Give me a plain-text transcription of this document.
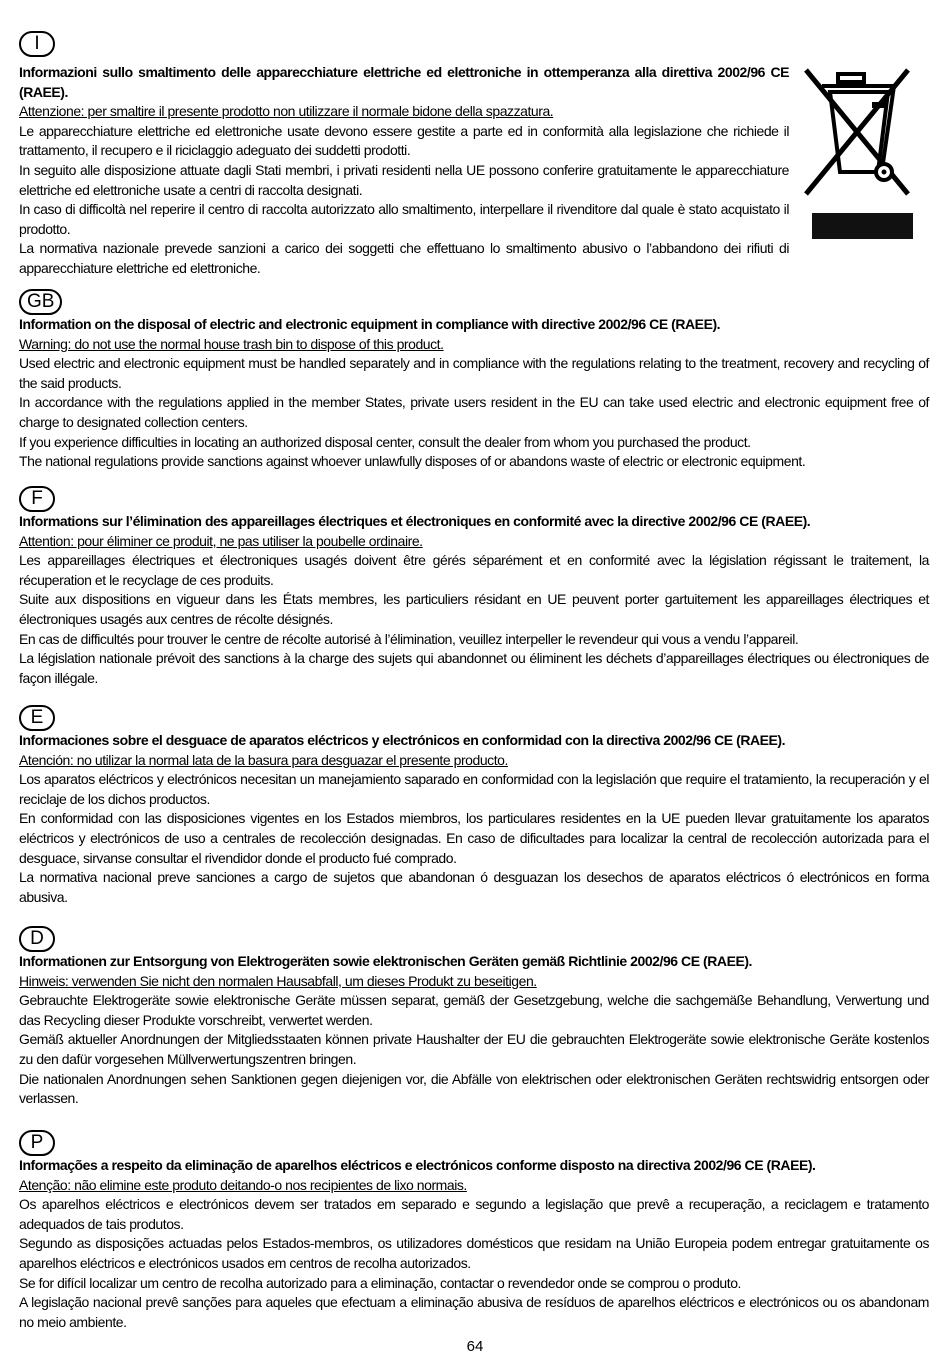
I

Informazioni sullo smaltimento delle apparecchiature elettriche ed elettroniche in ottemperanza alla direttiva 2002/96 CE (RAEE).

Attenzione: per smaltire il presente prodotto non utilizzare il normale bidone della spazzatura.

Le apparecchiature elettriche ed elettroniche usate devono essere gestite a parte ed in conformità alla legislazione che richiede il trattamento, il recupero e il riciclaggio adeguato dei suddetti prodotti.

In seguito alle disposizione attuate dagli Stati membri, i privati residenti nella UE possono conferire gratuitamente le apparecchiature elettriche ed elettroniche usate a centri di raccolta designati.

In caso di difficoltà nel reperire il centro di raccolta autorizzato allo smaltimento, interpellare il rivenditore dal quale è stato acquistato il prodotto.

La normativa nazionale prevede sanzioni a carico dei soggetti che effettuano lo smaltimento abusivo o l’abbandono dei rifiuti di apparecchiature elettriche ed elettroniche.

GB

Information on the disposal of electric and electronic equipment in compliance with directive 2002/96 CE (RAEE).

Warning: do not use the normal house trash bin to dispose of this product.

Used electric and electronic equipment must be handled separately and in compliance with the regulations relating to the treatment, recovery and recycling of the said products.

In accordance with the regulations applied in the member States, private users resident in the EU can take used electric and electronic equipment free of charge to designated collection centers.

If you experience difficulties in locating an authorized disposal center, consult the dealer from whom you purchased the product.

The national regulations provide sanctions against whoever unlawfully disposes of or abandons waste of electric or electronic equipment.

F

Informations sur l’élimination des appareillages électriques et électroniques en conformité avec la directive 2002/96 CE (RAEE).

Attention: pour éliminer ce produit, ne pas utiliser la poubelle ordinaire.

Les appareillages électriques et électroniques usagés doivent être gérés séparément et en conformité avec la législation régissant le traitement, la récuperation et le recyclage de ces produits.

Suite aux dispositions en vigueur dans les États membres, les particuliers résidant en UE peuvent porter gartuitement les appareillages électriques et électroniques usagés aux centres de récolte désignés.

En cas de difficultés pour trouver le centre de récolte autorisé à l’élimination, veuillez interpeller le revendeur qui vous a vendu l’appareil.

La législation nationale prévoit des sanctions à la charge des sujets qui abandonnet ou éliminent les déchets d’appareillages électriques ou électroniques de façon illégale.

E

Informaciones sobre el desguace de aparatos eléctricos y electrónicos en conformidad con la directiva 2002/96 CE (RAEE).

Atención: no utilizar la normal lata de la basura para desguazar el presente producto.

Los aparatos eléctricos y electrónicos necesitan un manejamiento saparado en conformidad con la legislación que require el tratamiento, la recuperación y el reciclaje de los dichos productos.

En conformidad con las disposiciones vigentes en los Estados miembros, los particulares residentes en la UE pueden llevar gratuitamente los aparatos eléctricos y electrónicos de uso a centrales de recolección designadas. En caso de dificultades para localizar la central de recolección autorizada para el desguace, sirvanse consultar el rivendidor donde el producto fué comprado.

La normativa nacional preve sanciones a cargo de sujetos que abandonan ó desguazan los desechos de aparatos eléctricos ó electrónicos en forma abusiva.

D

Informationen zur Entsorgung von Elektrogeräten sowie elektronischen Geräten gemäß Richtlinie 2002/96 CE (RAEE).

Hinweis: verwenden Sie nicht den normalen Hausabfall, um dieses Produkt zu beseitigen.

Gebrauchte Elektrogeräte sowie elektronische Geräte müssen separat, gemäß der Gesetzgebung, welche die sachgemäße Behandlung, Verwertung und das Recycling dieser Produkte vorschreibt, verwertet werden.

Gemäß aktueller Anordnungen der Mitgliedsstaaten können private Haushalter der EU die gebrauchten Elektrogeräte sowie elektronische Geräte kostenlos zu den dafür vorgesehen Müllverwertungszentren bringen.

Die nationalen Anordnungen sehen Sanktionen gegen diejenigen vor, die Abfälle von elektrischen oder elektronischen Geräten rechtswidrig entsorgen oder verlassen.

P

Informações a respeito da eliminação de aparelhos eléctricos e electrónicos conforme disposto na directiva 2002/96 CE (RAEE).

Atenção: não elimine este produto deitando-o nos recipientes de lixo normais.

Os aparelhos eléctricos e electrónicos devem ser tratados em separado e segundo a legislação que prevê a recuperação, a reciclagem e tratamento adequados de tais produtos.

Segundo as disposições actuadas pelos Estados-membros, os utilizadores domésticos que residam na União Europeia podem entregar gratuitamente os aparelhos eléctricos e electrónicos usados em centros de recolha autorizados.

Se for difícil localizar um centro de recolha autorizado para a eliminação, contactar o revendedor onde se comprou o produto.

A legislação nacional prevê sanções para aqueles que efectuam a eliminação abusiva de resíduos de aparelhos eléctricos e electrónicos ou os abandonam no meio ambiente.

64
